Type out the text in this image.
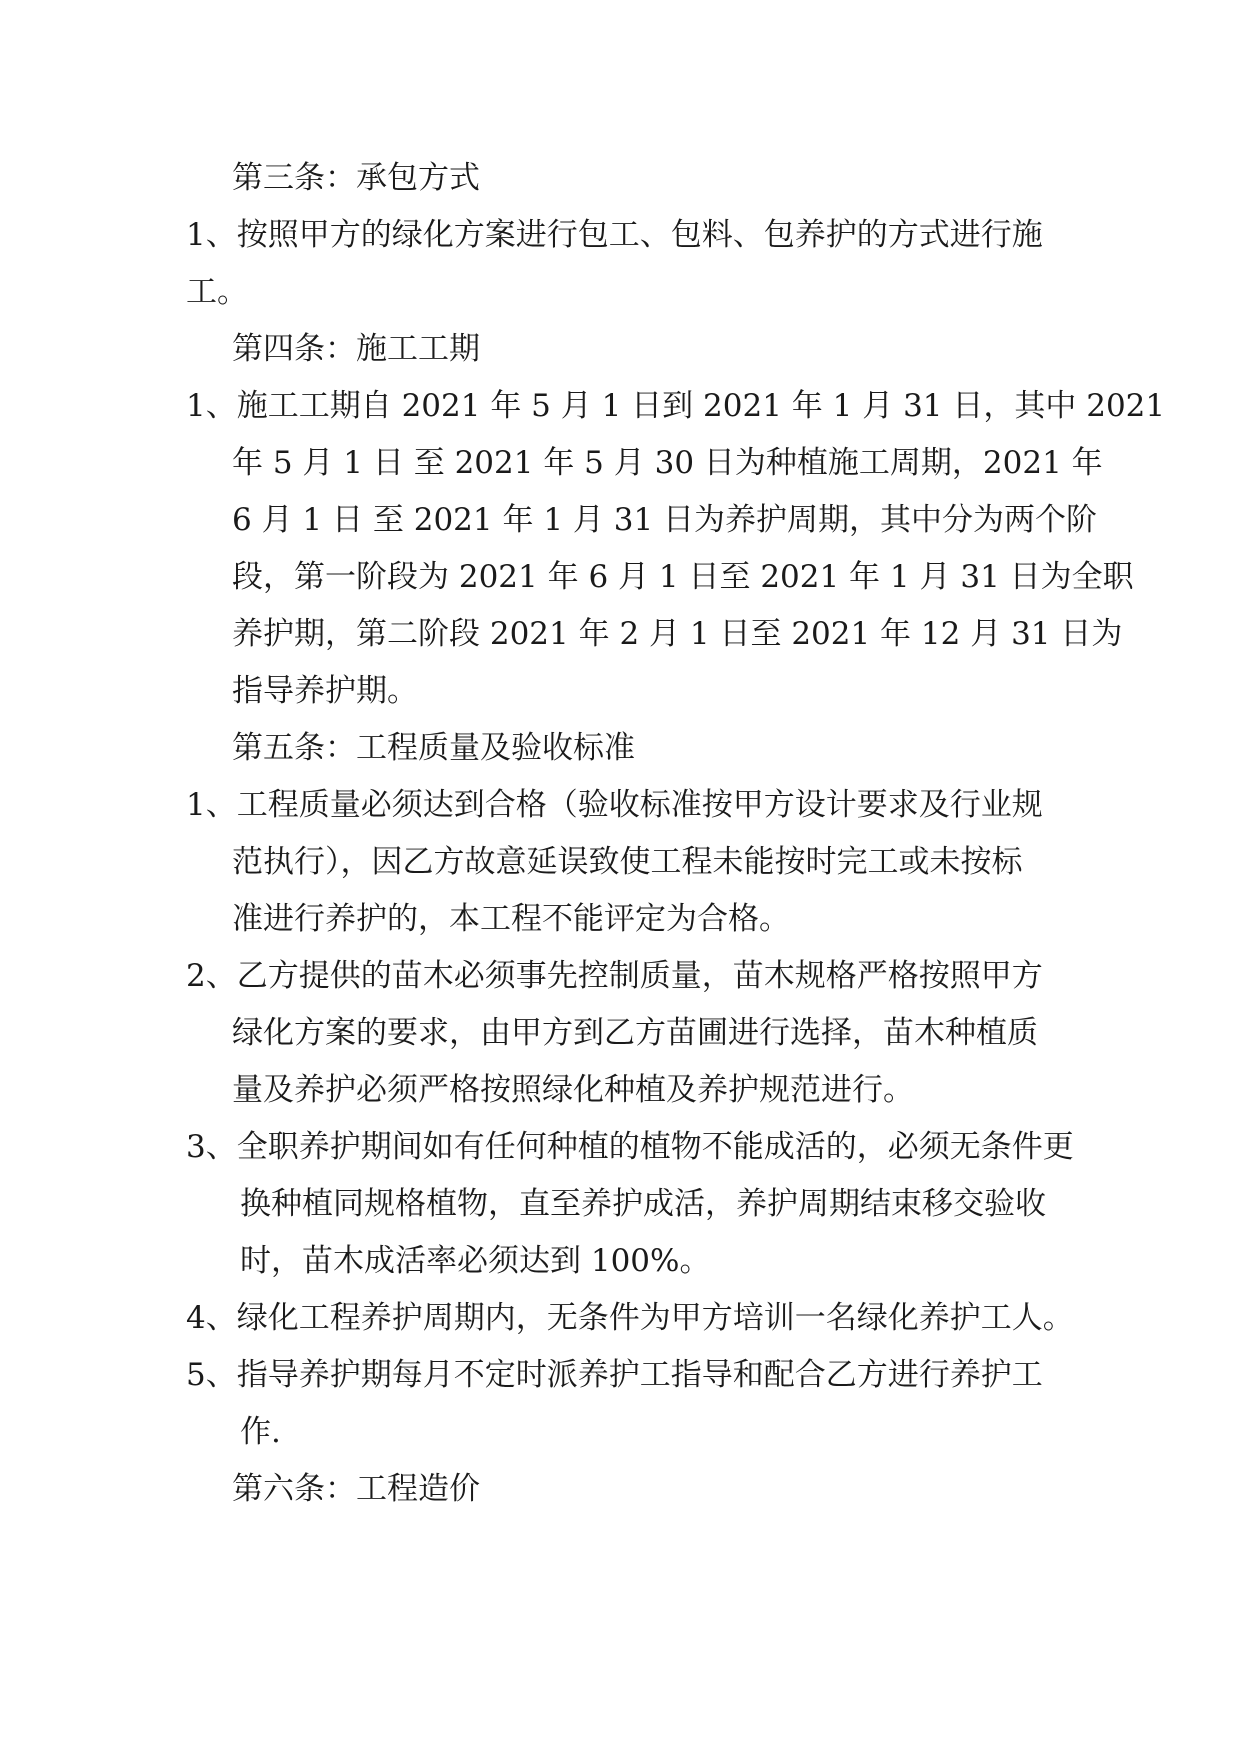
第三条：承包方式
1、按照甲方的绿化方案进行包工、包料、包养护的方式进行施
工。
第四条：施工工期
1、施工工期自 2021 年 5 月 1 日到 2021 年 1 月 31 日，其中 2021
年 5 月 1 日 至 2021 年 5 月 30 日为种植施工周期，2021 年
6 月 1 日 至 2021 年 1 月 31 日为养护周期，其中分为两个阶
段，第一阶段为 2021 年 6 月 1 日至 2021 年 1 月 31 日为全职
养护期，第二阶段 2021 年 2 月 1 日至 2021 年 12 月 31 日为
指导养护期。
第五条：工程质量及验收标准
1、工程质量必须达到合格（验收标准按甲方设计要求及行业规
范执行），因乙方故意延误致使工程未能按时完工或未按标
准进行养护的，本工程不能评定为合格。
2、乙方提供的苗木必须事先控制质量，苗木规格严格按照甲方
绿化方案的要求，由甲方到乙方苗圃进行选择，苗木种植质
量及养护必须严格按照绿化种植及养护规范进行。
3、全职养护期间如有任何种植的植物不能成活的，必须无条件更
换种植同规格植物，直至养护成活，养护周期结束移交验收
时，苗木成活率必须达到 100%。
4、绿化工程养护周期内，无条件为甲方培训一名绿化养护工人。
5、指导养护期每月不定时派养护工指导和配合乙方进行养护工
作.
第六条：工程造价
